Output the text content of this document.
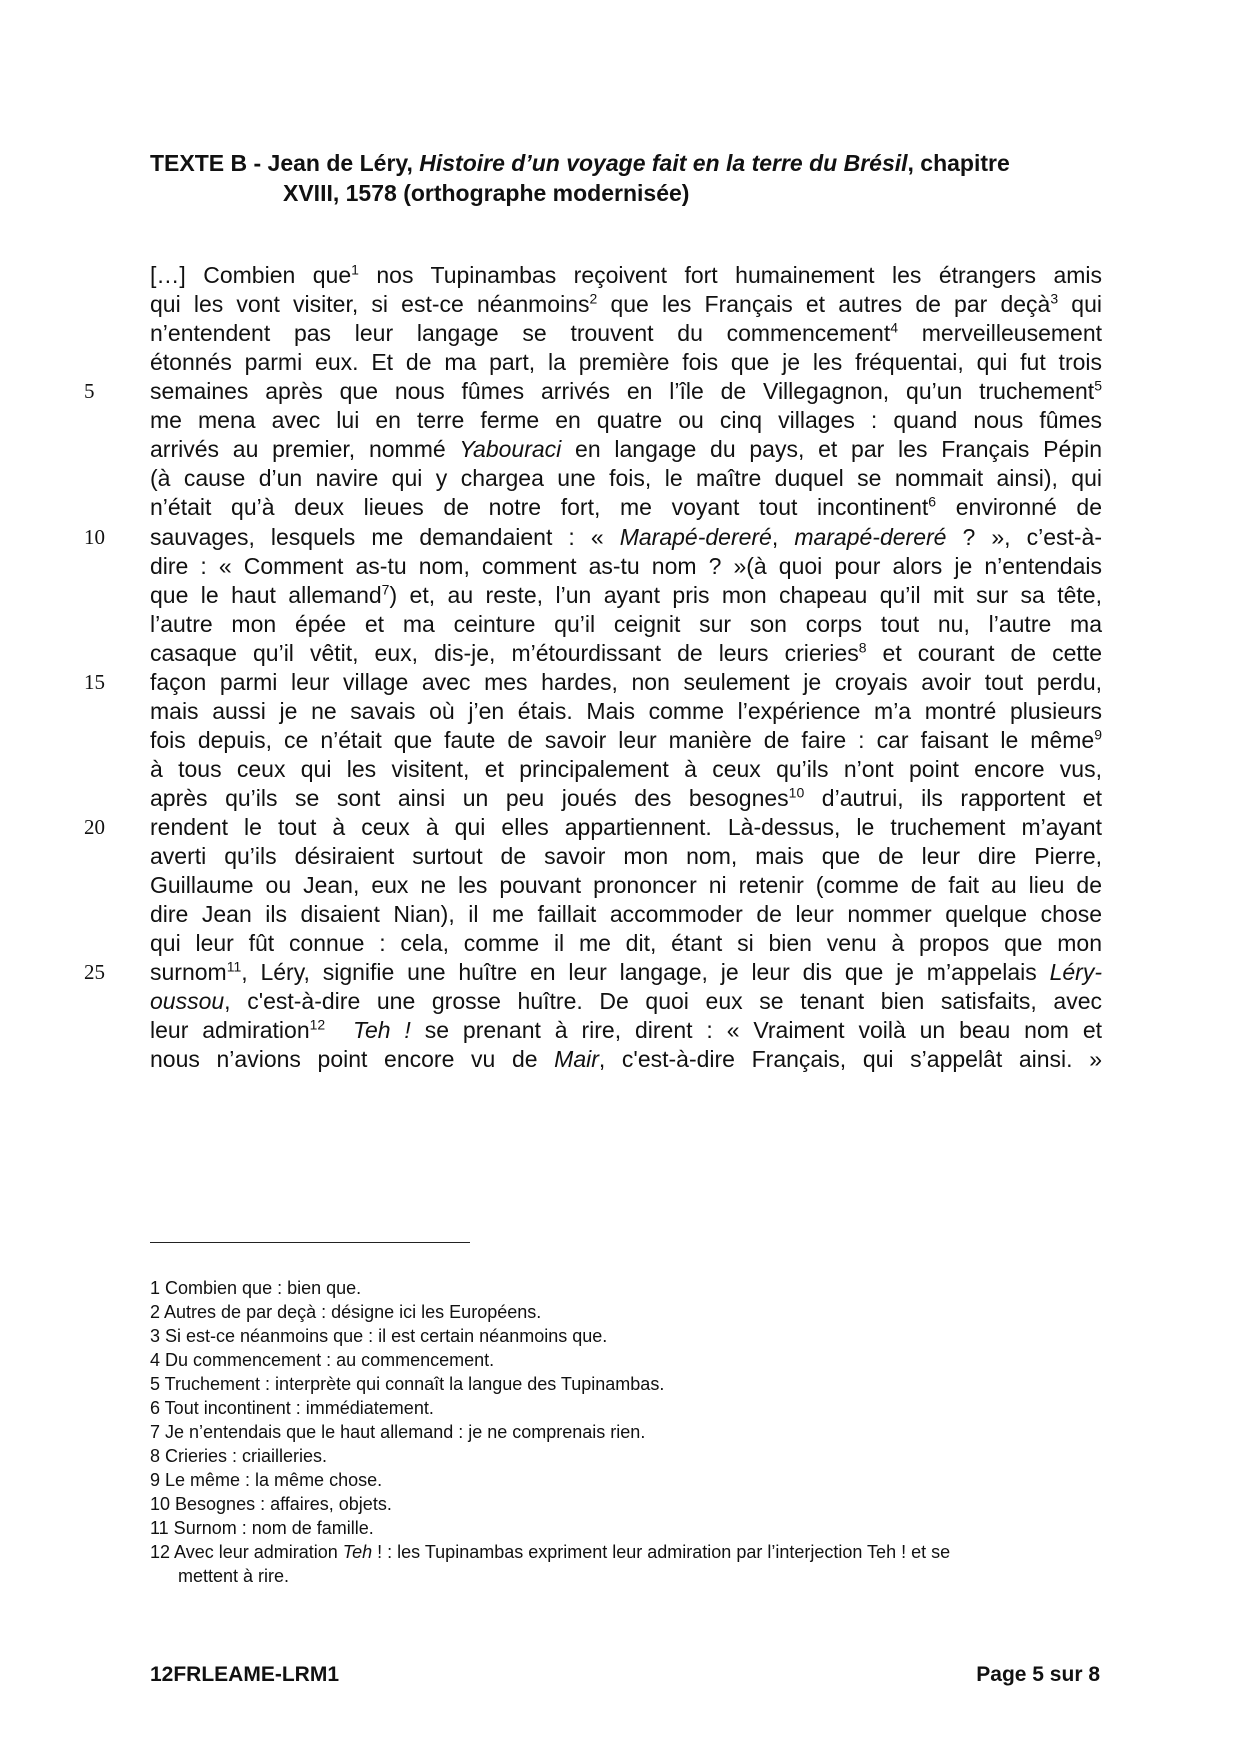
TEXTE B - Jean de Léry, Histoire d’un voyage fait en la terre du Brésil, chapitre
XVIII, 1578 (orthographe modernisée)
5
10
15
20
25
[…] Combien que$^1$ nos Tupinambas reçoivent fort humainement les étrangers amis
qui les vont visiter, si est-ce néanmoins$^2$ que les Français et autres de par deçà$^3$ qui
n’entendent pas leur langage se trouvent du commencement$^4$ merveilleusement
étonnés parmi eux. Et de ma part, la première fois que je les fréquentai, qui fut trois
semaines après que nous fûmes arrivés en l’île de Villegagnon, qu’un truchement$^5$
me mena avec lui en terre ferme en quatre ou cinq villages : quand nous fûmes
arrivés au premier, nommé Yabouraci en langage du pays, et par les Français Pépin
(à cause d’un navire qui y chargea une fois, le maître duquel se nommait ainsi), qui
n’était qu’à deux lieues de notre fort, me voyant tout incontinent$^6$ environné de
sauvages, lesquels me demandaient : « Marapé-dereré, marapé-dereré ? », c’est-à-
dire : « Comment as-tu nom, comment as-tu nom ? »(à quoi pour alors je n’entendais
que le haut allemand$^7$) et, au reste, l’un ayant pris mon chapeau qu’il mit sur sa tête,
l’autre mon épée et ma ceinture qu’il ceignit sur son corps tout nu, l’autre ma
casaque qu’il vêtit, eux, dis-je, m’étourdissant de leurs crieries$^8$ et courant de cette
façon parmi leur village avec mes hardes, non seulement je croyais avoir tout perdu,
mais aussi je ne savais où j’en étais. Mais comme l’expérience m’a montré plusieurs
fois depuis, ce n’était que faute de savoir leur manière de faire : car faisant le même$^9$
à tous ceux qui les visitent, et principalement à ceux qu’ils n’ont point encore vus,
après qu’ils se sont ainsi un peu joués des besognes$^{10}$ d’autrui, ils rapportent et
rendent le tout à ceux à qui elles appartiennent. Là-dessus, le truchement m’ayant
averti qu’ils désiraient surtout de savoir mon nom, mais que de leur dire Pierre,
Guillaume ou Jean, eux ne les pouvant prononcer ni retenir (comme de fait au lieu de
dire Jean ils disaient Nian), il me faillait accommoder de leur nommer quelque chose
qui leur fût connue : cela, comme il me dit, étant si bien venu à propos que mon
surnom$^{11}$, Léry, signifie une huître en leur langage, je leur dis que je m’appelais Léry-
oussou, c'est-à-dire une grosse huître. De quoi eux se tenant bien satisfaits, avec
leur admiration$^{12}$ Teh ! se prenant à rire, dirent : « Vraiment voilà un beau nom et
nous n’avions point encore vu de Mair, c'est-à-dire Français, qui s’appelât ainsi. »
1 Combien que : bien que.
2 Autres de par deçà : désigne ici les Européens.
3 Si est-ce néanmoins que : il est certain néanmoins que.
4 Du commencement : au commencement.
5 Truchement : interprète qui connaît la langue des Tupinambas.
6 Tout incontinent : immédiatement.
7 Je n’entendais que le haut allemand : je ne comprenais rien.
8 Crieries : criailleries.
9 Le même : la même chose.
10 Besognes : affaires, objets.
11 Surnom : nom de famille.
12 Avec leur admiration Teh ! : les Tupinambas expriment leur admiration par l’interjection Teh ! et se
mettent à rire.
12FRLEAME-LRM1	Page 5 sur 8
